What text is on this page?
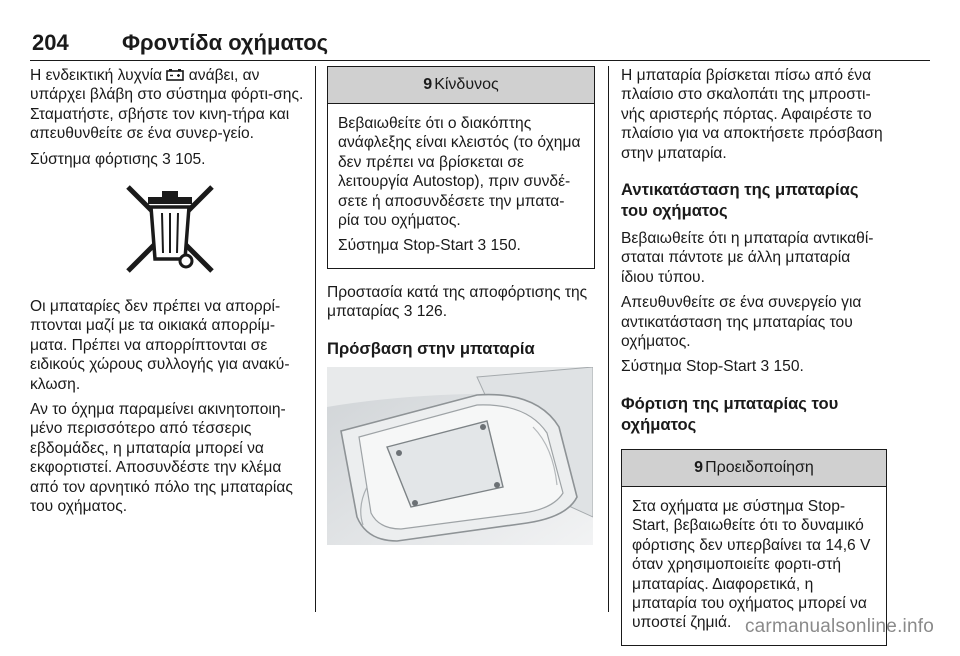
204 Φροντίδα οχήματος

Η ενδεικτική λυχνία  ανάβει, αν υπάρχει βλάβη στο σύστημα φόρτι-σης. Σταματήστε, σβήστε τον κινη-τήρα και απευθυνθείτε σε ένα συνερ-γείο.

Σύστημα φόρτισης 3 105.

Οι μπαταρίες δεν πρέπει να απορρί-πτονται μαζί με τα οικιακά απορρίμ-ματα. Πρέπει να απορρίπτονται σε ειδικούς χώρους συλλογής για ανακύ-κλωση.

Αν το όχημα παραμείνει ακινητοποιη-μένο περισσότερο από τέσσερις εβδομάδες, η μπαταρία μπορεί να εκφορτιστεί. Αποσυνδέστε την κλέμα από τον αρνητικό πόλο της μπαταρίας του οχήματος.

9 Κίνδυνος

Βεβαιωθείτε ότι ο διακόπτης ανάφλεξης είναι κλειστός (το όχημα δεν πρέπει να βρίσκεται σε λειτουργία Autostop), πριν συνδέ-σετε ή αποσυνδέσετε την μπατα-ρία του οχήματος.

Σύστημα Stop-Start 3 150.

Προστασία κατά της αποφόρτισης της μπαταρίας 3 126.

Πρόσβαση στην μπαταρία

Η μπαταρία βρίσκεται πίσω από ένα πλαίσιο στο σκαλοπάτι της μπροστι-νής αριστερής πόρτας. Αφαιρέστε το πλαίσιο για να αποκτήσετε πρόσβαση στην μπαταρία.

Αντικατάσταση της μπαταρίας του οχήματος

Βεβαιωθείτε ότι η μπαταρία αντικαθί-σταται πάντοτε με άλλη μπαταρία ίδιου τύπου.

Απευθυνθείτε σε ένα συνεργείο για αντικατάσταση της μπαταρίας του οχήματος.

Σύστημα Stop-Start 3 150.

Φόρτιση της μπαταρίας του οχήματος
9 Προειδοποίηση

Στα οχήματα με σύστημα Stop-Start, βεβαιωθείτε ότι το δυναμικό φόρτισης δεν υπερβαίνει τα 14,6 V όταν χρησιμοποιείτε φορτι-στή μπαταρίας. Διαφορετικά, η μπαταρία του οχήματος μπορεί να υποστεί ζημιά. carmanualsonline.info
